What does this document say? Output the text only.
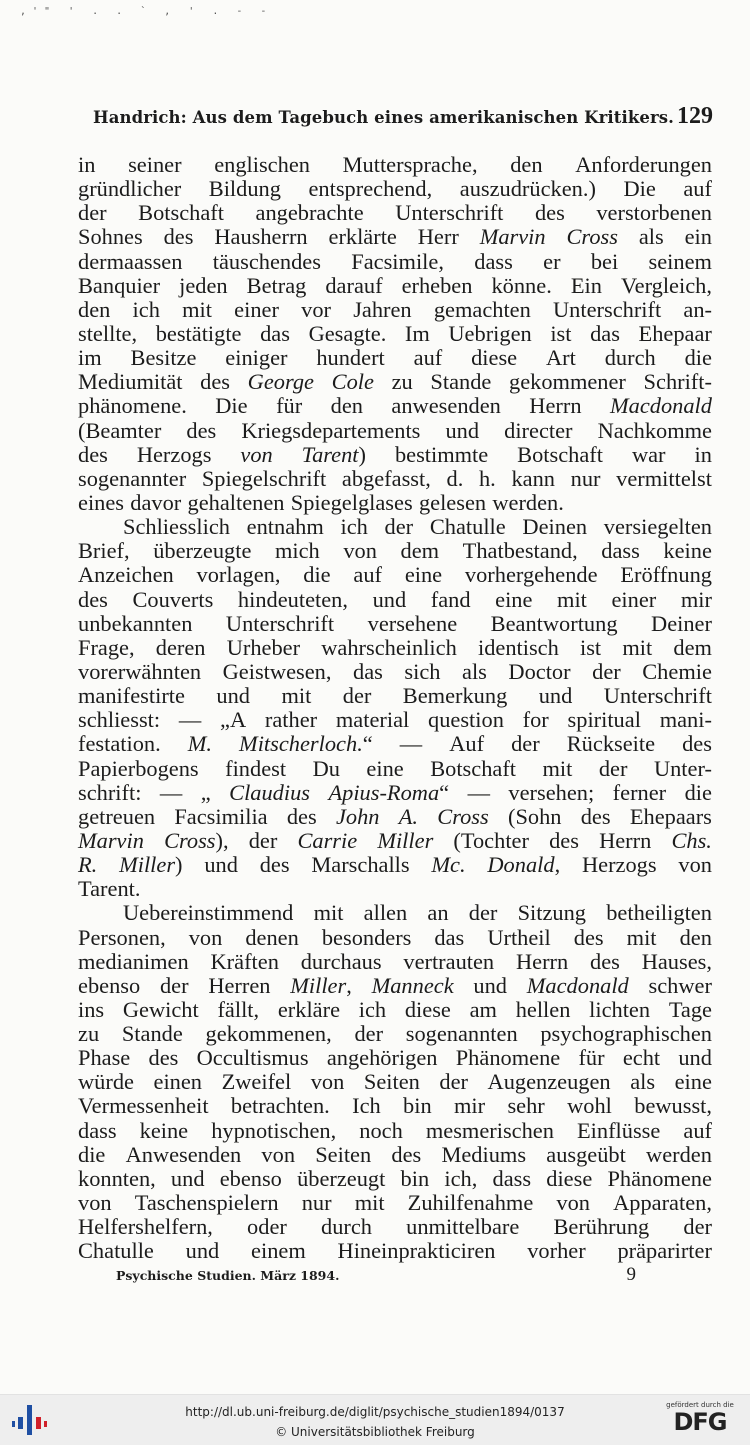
,'" ' . . ` , ' . - -
Handrich: Aus dem Tagebuch eines amerikanischen Kritikers. 129
in seiner englischen Muttersprache, den Anforderungen
gründlicher Bildung entsprechend, auszudrücken.) Die auf
der Botschaft angebrachte Unterschrift des verstorbenen
Sohnes des Hausherrn erklärte Herr Marvin Cross als ein
dermaassen täuschendes Facsimile, dass er bei seinem
Banquier jeden Betrag darauf erheben könne. Ein Vergleich,
den ich mit einer vor Jahren gemachten Unterschrift an-
stellte, bestätigte das Gesagte. Im Uebrigen ist das Ehepaar
im Besitze einiger hundert auf diese Art durch die
Mediumität des George Cole zu Stande gekommener Schrift-
phänomene. Die für den anwesenden Herrn Macdonald
(Beamter des Kriegsdepartements und directer Nachkomme
des Herzogs von Tarent) bestimmte Botschaft war in
sogenannter Spiegelschrift abgefasst, d. h. kann nur vermittelst
eines davor gehaltenen Spiegelglases gelesen werden.
Schliesslich entnahm ich der Chatulle Deinen versiegelten
Brief, überzeugte mich von dem Thatbestand, dass keine
Anzeichen vorlagen, die auf eine vorhergehende Eröffnung
des Couverts hindeuteten, und fand eine mit einer mir
unbekannten Unterschrift versehene Beantwortung Deiner
Frage, deren Urheber wahrscheinlich identisch ist mit dem
vorerwähnten Geistwesen, das sich als Doctor der Chemie
manifestirte und mit der Bemerkung und Unterschrift
schliesst: — „A rather material question for spiritual mani-
festation. M. Mitscherloch.“ — Auf der Rückseite des
Papierbogens findest Du eine Botschaft mit der Unter-
schrift: — „ Claudius Apius-Roma“ — versehen; ferner die
getreuen Facsimilia des John A. Cross (Sohn des Ehepaars
Marvin Cross), der Carrie Miller (Tochter des Herrn Chs.
R. Miller) und des Marschalls Mc. Donald, Herzogs von
Tarent.
Uebereinstimmend mit allen an der Sitzung betheiligten
Personen, von denen besonders das Urtheil des mit den
medianimen Kräften durchaus vertrauten Herrn des Hauses,
ebenso der Herren Miller, Manneck und Macdonald schwer
ins Gewicht fällt, erkläre ich diese am hellen lichten Tage
zu Stande gekommenen, der sogenannten psychographischen
Phase des Occultismus angehörigen Phänomene für echt und
würde einen Zweifel von Seiten der Augenzeugen als eine
Vermessenheit betrachten. Ich bin mir sehr wohl bewusst,
dass keine hypnotischen, noch mesmerischen Einflüsse auf
die Anwesenden von Seiten des Mediums ausgeübt werden
konnten, und ebenso überzeugt bin ich, dass diese Phänomene
von Taschenspielern nur mit Zuhilfenahme von Apparaten,
Helfershelfern, oder durch unmittelbare Berührung der
Chatulle und einem Hineinprakticiren vorher präparirter
Psychische Studien. März 1894.	9
http://dl.ub.uni-freiburg.de/diglit/psychische_studien1894/0137
© Universitätsbibliothek Freiburg
gefördert durch die
DFG
